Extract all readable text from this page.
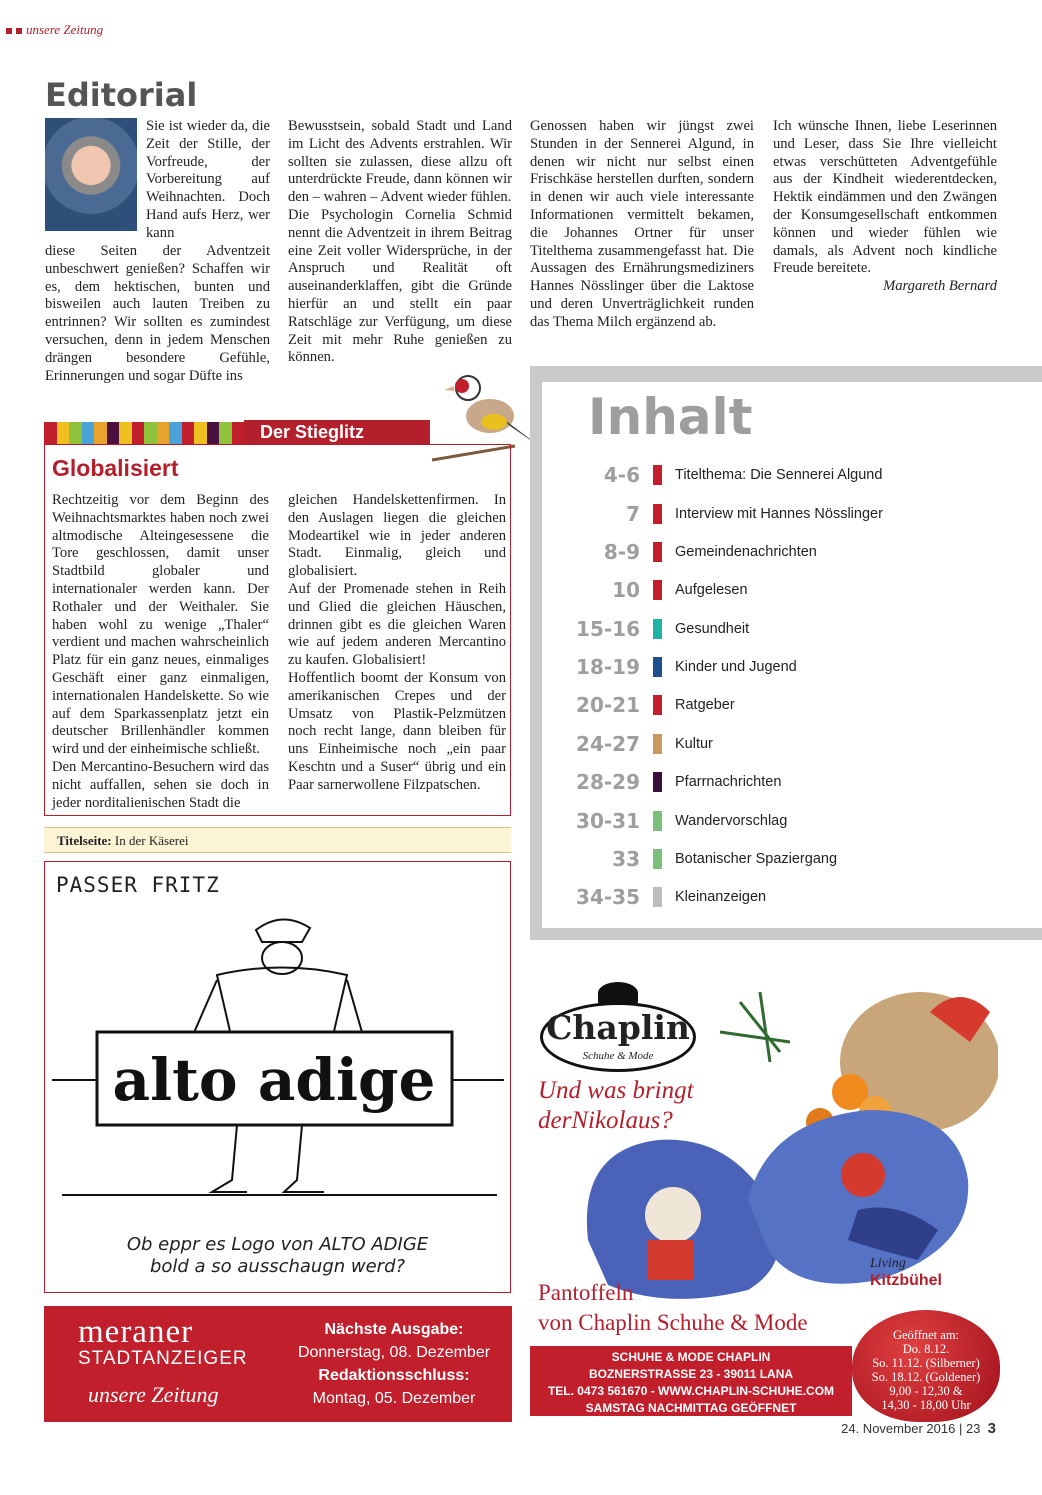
unsere Zeitung
Editorial

Sie ist wieder da, die Zeit der Stille, der Vorfreude, der Vorbereitung auf Weihnachten. Doch Hand aufs Herz, wer kann

diese Seiten der Adventzeit unbeschwert genießen? Schaffen wir es, dem hektischen, bunten und bisweilen auch lauten Treiben zu entrinnen? Wir sollten es zumindest versuchen, denn in jedem Menschen drängen besondere Gefühle, Erinnerungen und sogar Düfte ins

Bewusstsein, sobald Stadt und Land im Licht des Advents erstrahlen. Wir sollten sie zulassen, diese allzu oft unterdrückte Freude, dann können wir den – wahren – Advent wieder fühlen.

Die Psychologin Cornelia Schmid nennt die Adventzeit in ihrem Beitrag eine Zeit voller Widersprüche, in der Anspruch und Realität oft auseinanderklaffen, gibt die Gründe hierfür an und stellt ein paar Ratschläge zur Verfügung, um diese Zeit mit mehr Ruhe genießen zu können.

Genossen haben wir jüngst zwei Stunden in der Sennerei Algund, in denen wir nicht nur selbst einen Frischkäse herstellen durften, sondern in denen wir auch viele interessante Informationen vermittelt bekamen, die Johannes Ortner für unser Titelthema zusammengefasst hat. Die Aussagen des Ernährungsmediziners Hannes Nösslinger über die Laktose und deren Unverträglichkeit runden das Thema Milch ergänzend ab.

Ich wünsche Ihnen, liebe Leserinnen und Leser, dass Sie Ihre vielleicht etwas verschütteten Adventgefühle aus der Kindheit wiederentdecken, Hektik eindämmen und den Zwängen der Konsumgesellschaft entkommen können und wieder fühlen wie damals, als Advent noch kindliche Freude bereitete.

Margareth Bernard

Der Stieglitz
Globalisiert

Rechtzeitig vor dem Beginn des Weihnachtsmarktes haben noch zwei altmodische Alteingesessene die Tore geschlossen, damit unser Stadtbild globaler und internationaler werden kann. Der Rothaler und der Weithaler. Sie haben wohl zu wenige „Thaler“ verdient und machen wahrscheinlich Platz für ein ganz neues, einmaliges Geschäft einer ganz einmaligen, internationalen Handelskette. So wie auf dem Sparkassenplatz jetzt ein deutscher Brillenhändler kommen wird und der einheimische schließt.

Den Mercantino-Besuchern wird das nicht auffallen, sehen sie doch in jeder norditalienischen Stadt die

gleichen Handelskettenfirmen. In den Auslagen liegen die gleichen Modeartikel wie in jeder anderen Stadt. Einmalig, gleich und globalisiert.

Auf der Promenade stehen in Reih und Glied die gleichen Häuschen, drinnen gibt es die gleichen Waren wie auf jedem anderen Mercantino zu kaufen. Globalisiert!

Hoffentlich boomt der Konsum von amerikanischen Crepes und der Umsatz von Plastik-Pelzmützen noch recht lange, dann bleiben für uns Einheimische noch „ein paar Keschtn und a Suser“ übrig und ein Paar sarnerwollene Filzpatschen.

Titelseite: In der Käserei
PASSER FRITZ
alto adige
Ob eppr es Logo von ALTO ADIGE
bold a so ausschaugn werd?
meraner
STADTANZEIGER
unsere Zeitung
Nächste Ausgabe:
Donnerstag, 08. Dezember
Redaktionsschluss:
Montag, 05. Dezember
Inhalt
4-6 Titelthema: Die Sennerei Algund
7 Interview mit Hannes Nösslinger
8-9 Gemeindenachrichten
10 Aufgelesen
15-16 Gesundheit
18-19 Kinder und Jugend
20-21 Ratgeber
24-27 Kultur
28-29 Pfarrnachrichten
30-31 Wandervorschlag
33 Botanischer Spaziergang
34-35 Kleinanzeigen
Chaplin
Schuhe & Mode
Und was bringt
derNikolaus?
Living
Kitzbühel
Pantoffeln
von Chaplin Schuhe & Mode
SCHUHE & MODE CHAPLIN
BOZNERSTRASSE 23 - 39011 LANA
TEL. 0473 561670 - WWW.CHAPLIN-SCHUHE.COM
SAMSTAG NACHMITTAG GEÖFFNET
Geöffnet am:
Do. 8.12.
So. 11.12. (Silberner)
So. 18.12. (Goldener)
9,00 - 12,30 &
14,30 - 18,00 Uhr
24. November 2016 | 23 3
